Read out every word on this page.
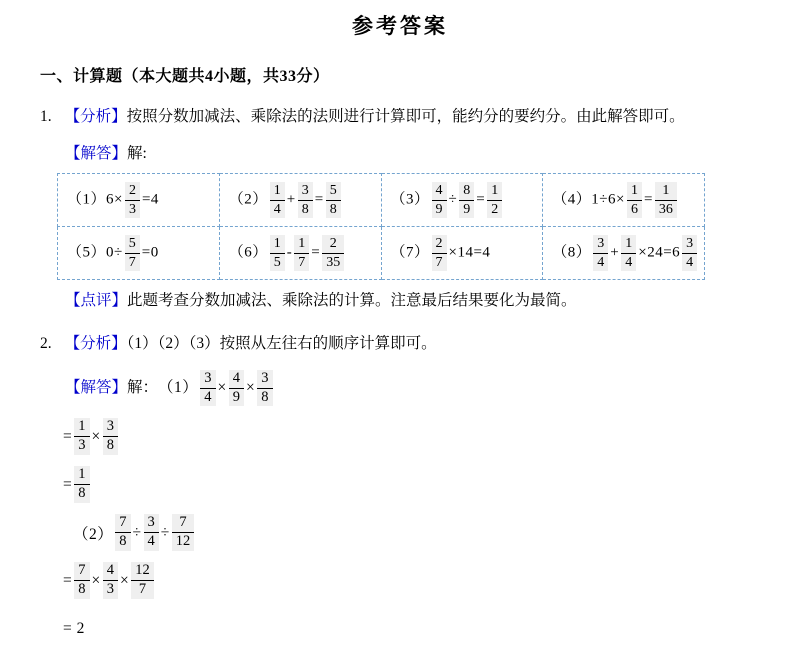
参考答案
一、计算题（本大题共4小题，共33分）

1. 【分析】按照分数加减法、乘除法的法则进行计算即可，能约分的要约分。由此解答即可。

【解答】解:

$(1)6\times \frac{2}{3} =4$	$(2) \frac{1}{4} + \frac{3}{8} = \frac{5}{8}$	$(3) \frac{4}{9} \div \frac{8}{9} = \frac{1}{2}$	$(4)1\div 6\times \frac{1}{6} = \frac{1}{36}$

$(5)0\div \frac{5}{7} =0$	$(6) \frac{1}{5} - \frac{1}{7} = \frac{2}{35}$	$(7) \frac{2}{7} \times 14=4$	$(8) \frac{3}{4} + \frac{1}{4} \times 24=6 \frac{3}{4}$

【点评】此题考查分数加减法、乘除法的计算。注意最后结果要化为最简。

2. 【分析】（1）（2）（3）按照从左往右的顺序计算即可。

【解答】解： $(1) \frac{3}{4} \times \frac{4}{9} \times \frac{3}{8}$
= $\frac{1}{3} \times \frac{3}{8}$
= $\frac{1}{8}$
$(2) \frac{7}{8} \div \frac{3}{4} \div \frac{7}{12}$
= $\frac{7}{8} \times \frac{4}{3} \times \frac{12}{7}$
= 2
